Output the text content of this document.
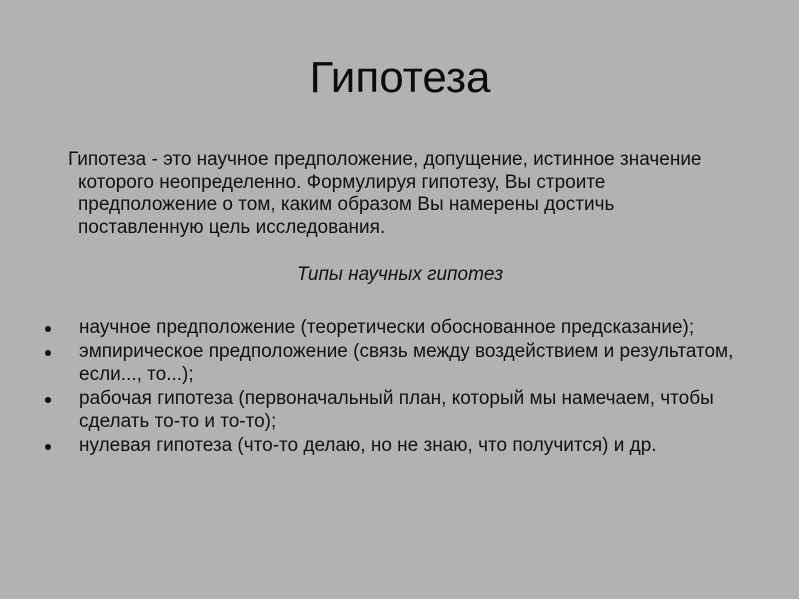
Гипотеза
Гипотеза - это научное предположение, допущение, истинное значение которого неопределенно. Формулируя гипотезу, Вы строите предположение о том, каким образом Вы намерены достичь поставленную цель исследования.
Типы научных гипотез
научное предположение (теоретически обоснованное предсказание);
эмпирическое предположение (связь между воздействием и результатом, если..., то...);
рабочая гипотеза (первоначальный план, который мы намечаем, чтобы сделать то-то и то-то);
нулевая гипотеза (что-то делаю, но не знаю, что получится) и др.
